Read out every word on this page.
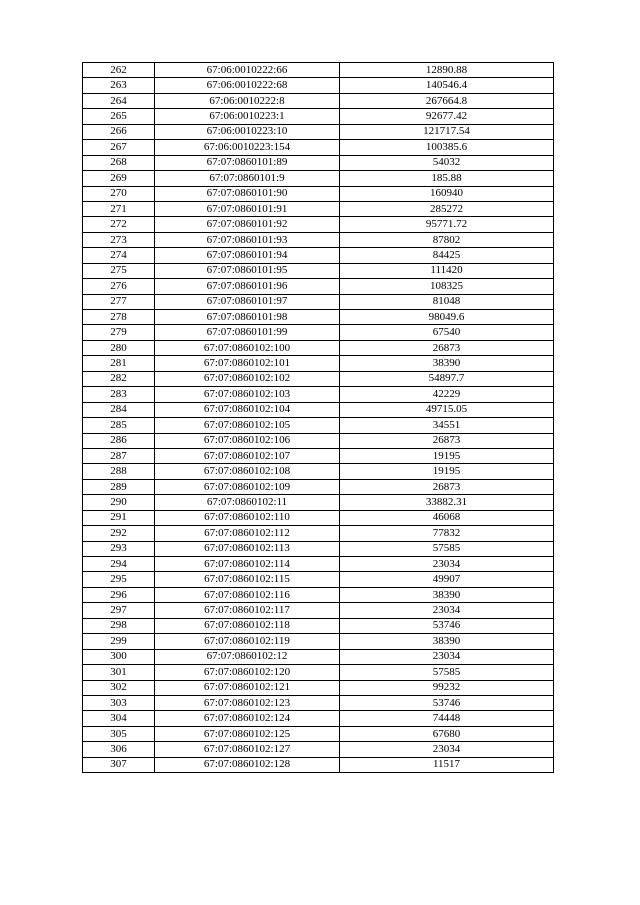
262	67:06:0010222:66	12890.88
263	67:06:0010222:68	140546.4
264	67:06:0010222:8	267664.8
265	67:06:0010223:1	92677.42
266	67:06:0010223:10	121717.54
267	67:06:0010223:154	100385.6
268	67:07:0860101:89	54032
269	67:07:0860101:9	185.88
270	67:07:0860101:90	160940
271	67:07:0860101:91	285272
272	67:07:0860101:92	95771.72
273	67:07:0860101:93	87802
274	67:07:0860101:94	84425
275	67:07:0860101:95	111420
276	67:07:0860101:96	108325
277	67:07:0860101:97	81048
278	67:07:0860101:98	98049.6
279	67:07:0860101:99	67540
280	67:07:0860102:100	26873
281	67:07:0860102:101	38390
282	67:07:0860102:102	54897.7
283	67:07:0860102:103	42229
284	67:07:0860102:104	49715.05
285	67:07:0860102:105	34551
286	67:07:0860102:106	26873
287	67:07:0860102:107	19195
288	67:07:0860102:108	19195
289	67:07:0860102:109	26873
290	67:07:0860102:11	33882.31
291	67:07:0860102:110	46068
292	67:07:0860102:112	77832
293	67:07:0860102:113	57585
294	67:07:0860102:114	23034
295	67:07:0860102:115	49907
296	67:07:0860102:116	38390
297	67:07:0860102:117	23034
298	67:07:0860102:118	53746
299	67:07:0860102:119	38390
300	67:07:0860102:12	23034
301	67:07:0860102:120	57585
302	67:07:0860102:121	99232
303	67:07:0860102:123	53746
304	67:07:0860102:124	74448
305	67:07:0860102:125	67680
306	67:07:0860102:127	23034
307	67:07:0860102:128	11517
